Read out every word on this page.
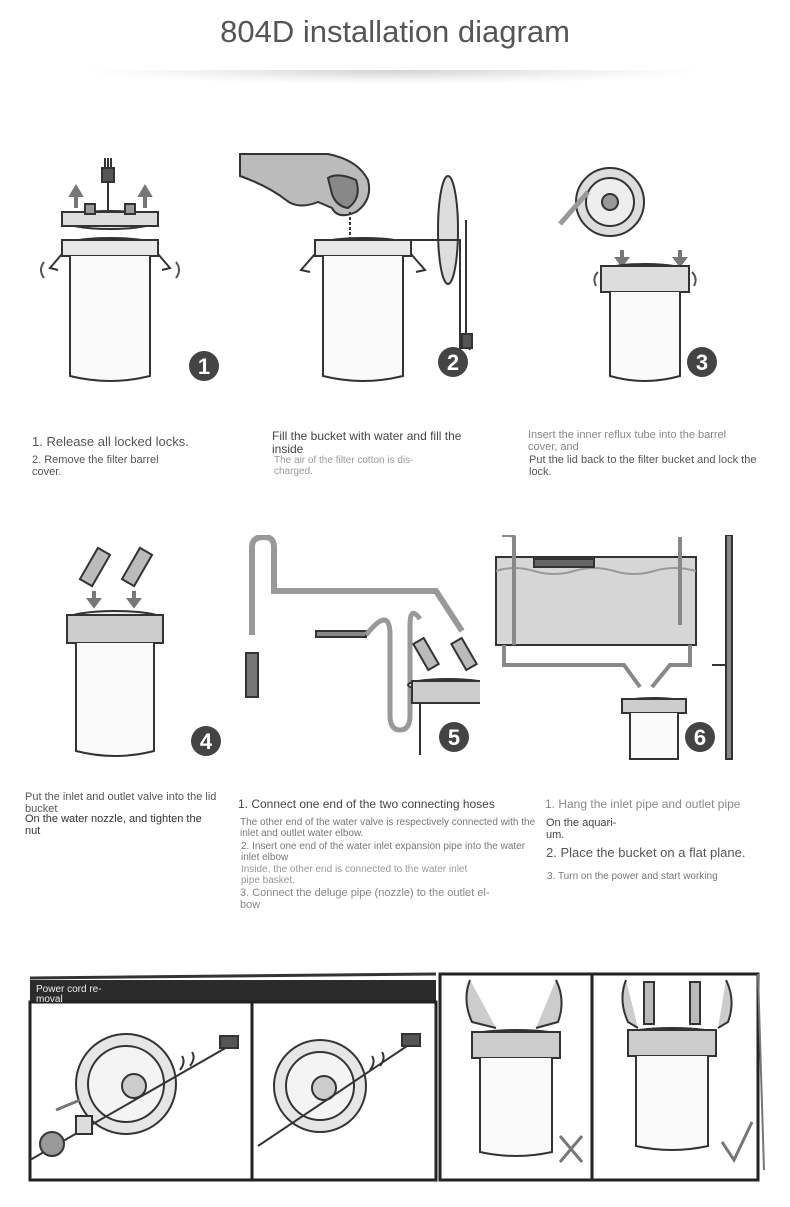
804D installation diagram
1	2	3
1. Release all locked locks.
2. Remove the filter barrel cover.
Fill the bucket with water and fill the inside
The air of the filter cotton is dis-charged.
Insert the inner reflux tube into the barrel cover, and
Put the lid back to the filter bucket and lock the lock.
4	5	6
Put the inlet and outlet valve into the lid bucket
On the water nozzle, and tighten the nut
1. Connect one end of the two connecting hoses
The other end of the water valve is respectively connected with the inlet and outlet water elbow.
2. Insert one end of the water inlet expansion pipe into the water inlet elbow
Inside, the other end is connected to the water inlet pipe basket.
3. Connect the deluge pipe (nozzle) to the outlet el-bow
1. Hang the inlet pipe and outlet pipe
On the aquari-um.
2. Place the bucket on a flat plane.
3. Turn on the power and start working
Power cord re-moval
